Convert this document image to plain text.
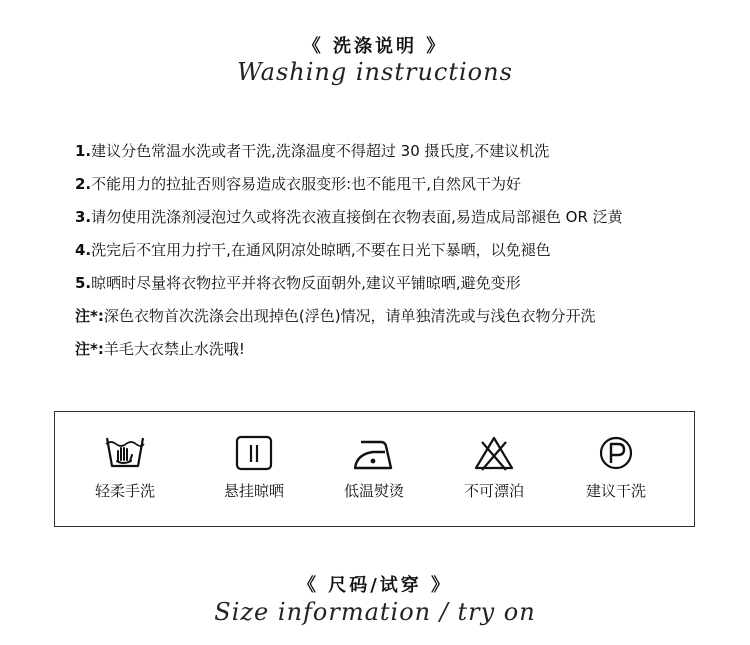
《 洗涤说明 》
Washing instructions
1.建议分色常温水洗或者干洗,洗涤温度不得超过 30 摄氏度,不建议机洗
2.不能用力的拉扯否则容易造成衣服变形:也不能甩干,自然风干为好
3.请勿使用洗涤剂浸泡过久或将洗衣液直接倒在衣物表面,易造成局部褪色 OR 泛黄
4.洗完后不宜用力拧干,在通风阴凉处晾晒,不要在日光下暴晒，以免褪色
5.晾晒时尽量将衣物拉平并将衣物反面朝外,建议平铺晾晒,避免变形
注*:深色衣物首次洗涤会出现掉色(浮色)情况，请单独清洗或与浅色衣物分开洗
注*:羊毛大衣禁止水洗哦!
轻柔手洗	悬挂晾晒	低温熨烫	不可漂泊	建议干洗
《 尺码/试穿 》
Size information / try on
